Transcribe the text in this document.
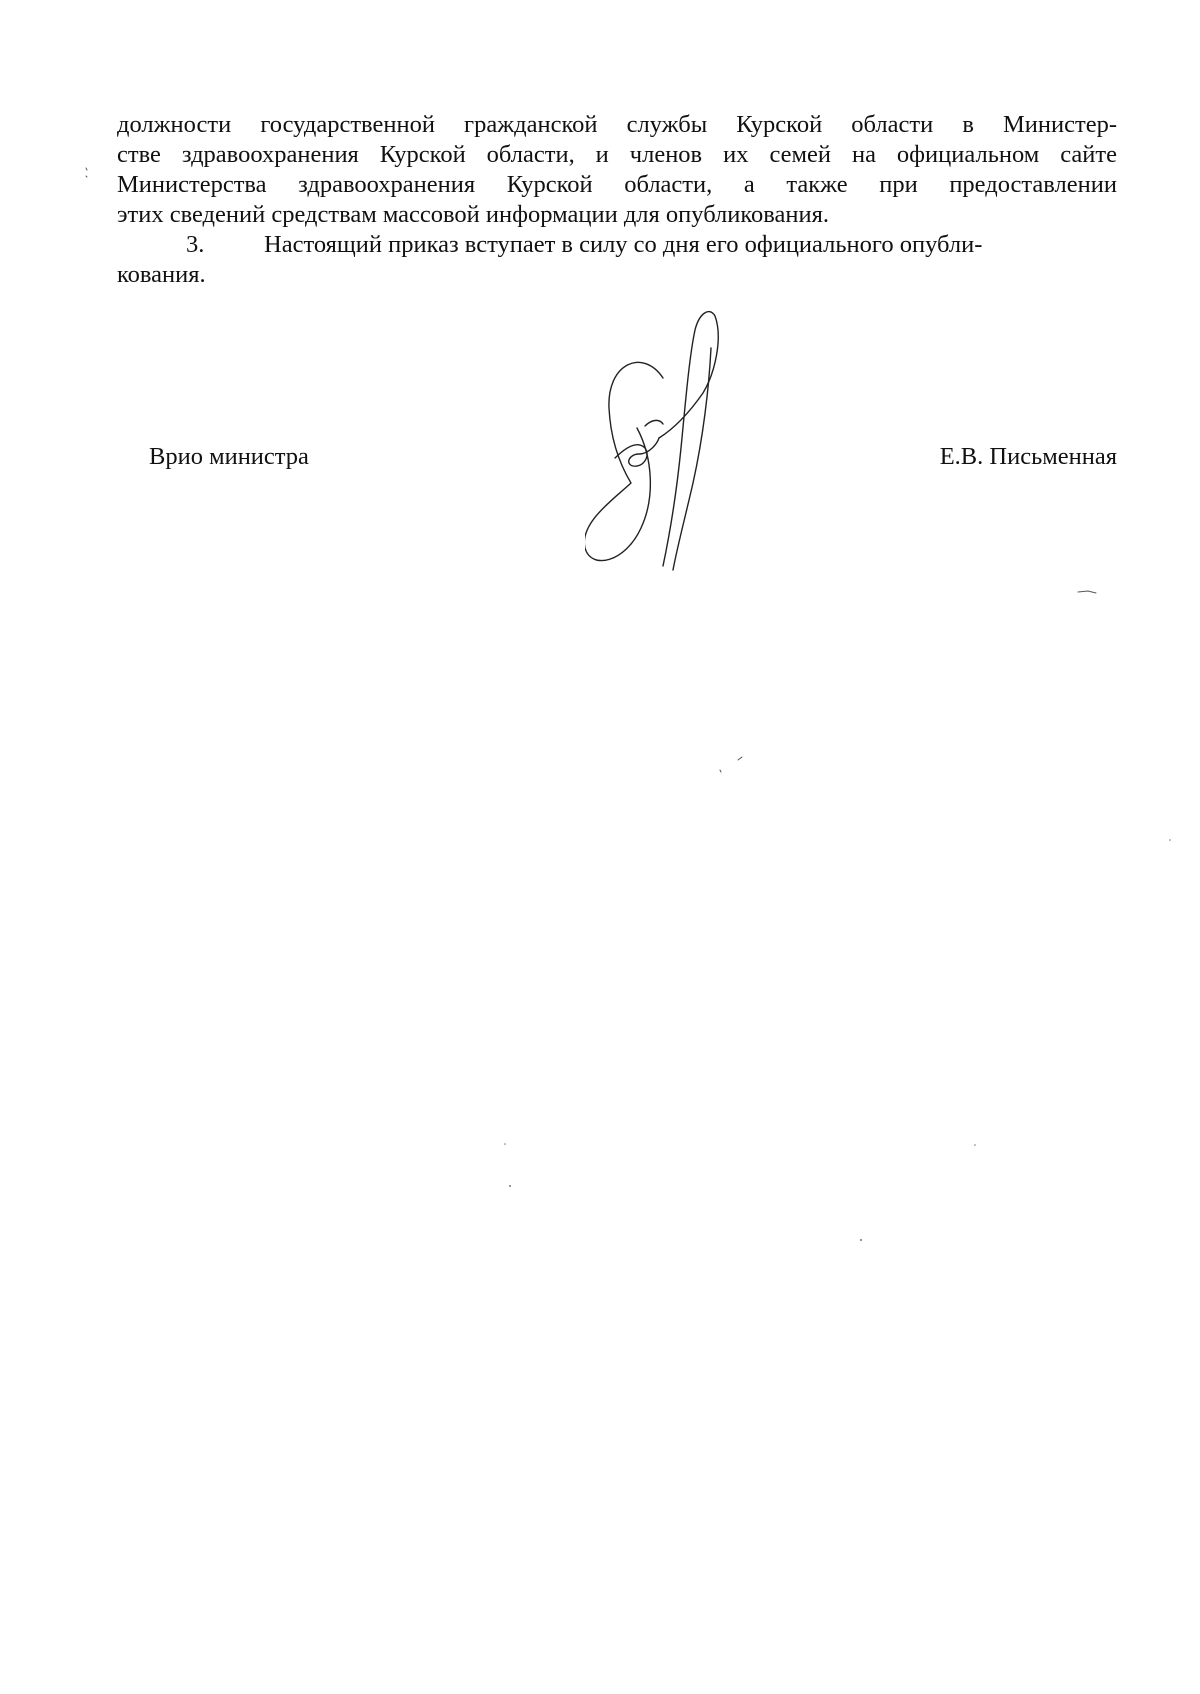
должности государственной гражданской службы Курской области в Министер-
стве здравоохранения Курской области, и членов их семей на официальном сайте
Министерства здравоохранения Курской области, а также при предоставлении
этих сведений средствам массовой информации для опубликования.
3. Настоящий приказ вступает в силу со дня его официального опубли-
кования.
Врио министра	Е.В. Письменная
